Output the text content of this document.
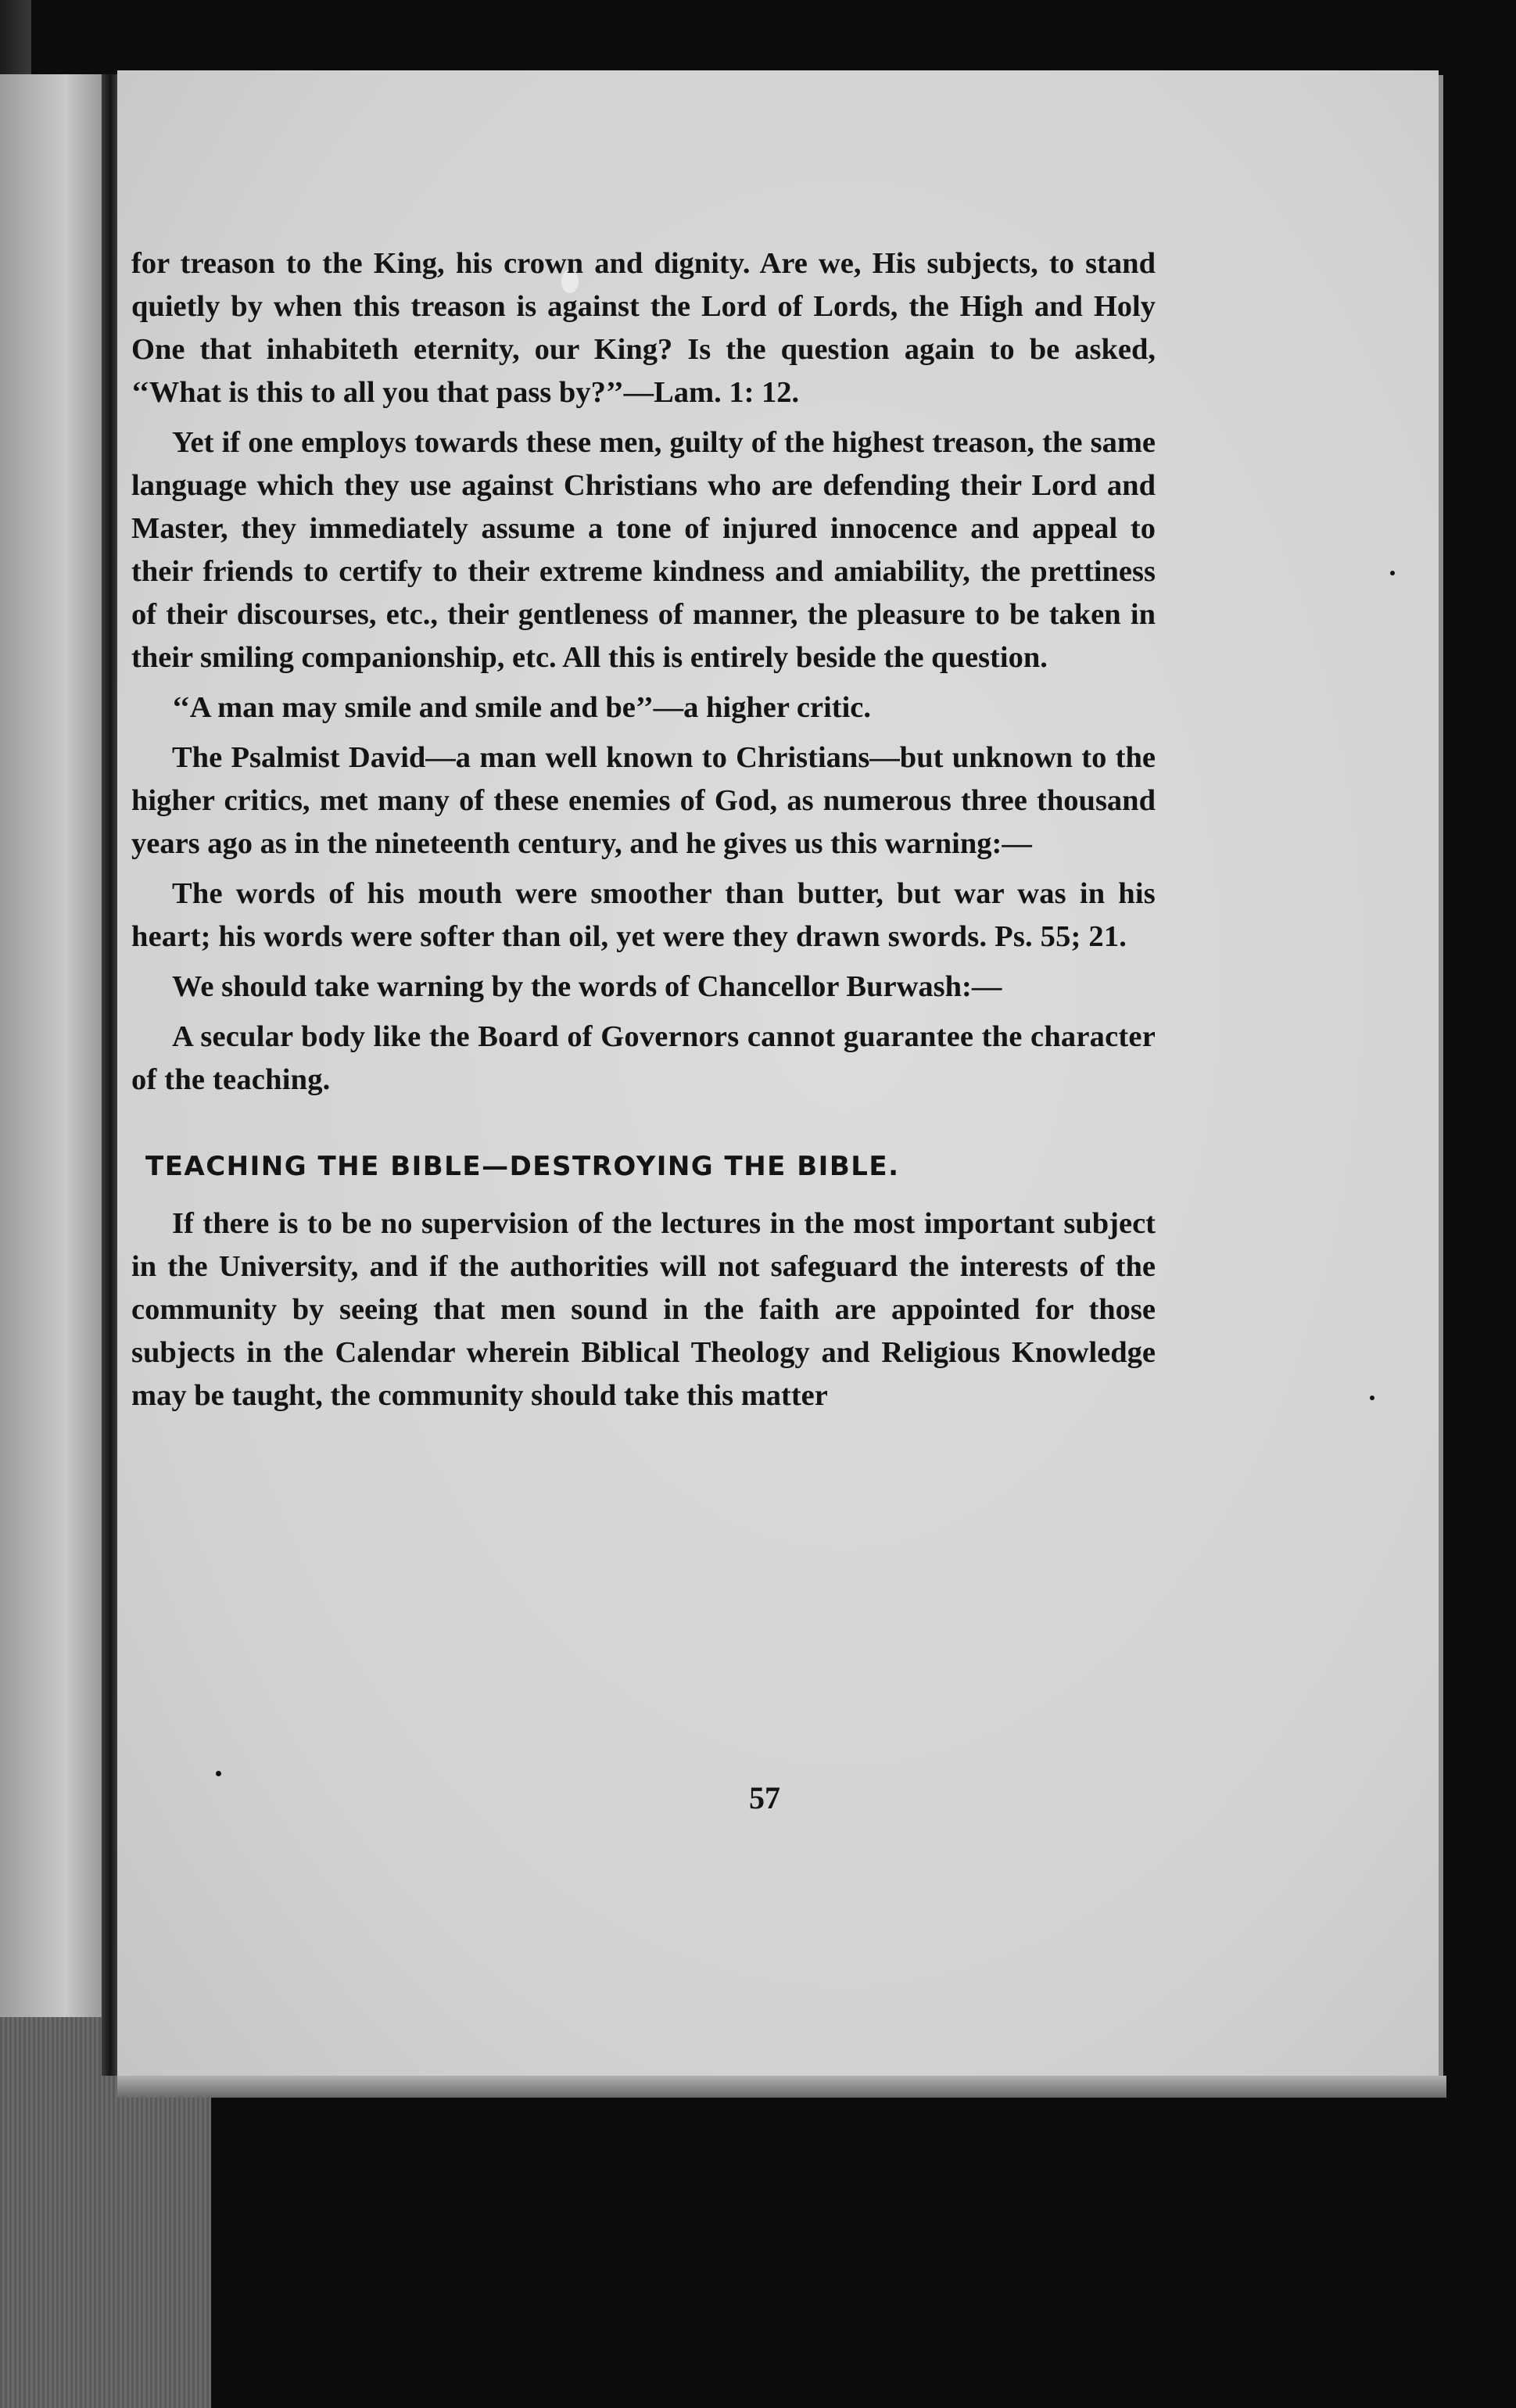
for treason to the King, his crown and dignity. Are we, His subjects, to stand quietly by when this treason is against the Lord of Lords, the High and Holy One that inhabiteth eternity, our King? Is the question again to be asked, ‘‘What is this to all you that pass by?’’—Lam. 1: 12.

Yet if one employs towards these men, guilty of the highest treason, the same language which they use against Christians who are defending their Lord and Master, they immediately assume a tone of injured innocence and appeal to their friends to certify to their extreme kindness and amiability, the prettiness of their discourses, etc., their gentleness of manner, the pleasure to be taken in their smiling companionship, etc. All this is entirely beside the question.

‘‘A man may smile and smile and be’’—a higher critic.

The Psalmist David—a man well known to Christians—but unknown to the higher critics, met many of these enemies of God, as numerous three thousand years ago as in the nineteenth century, and he gives us this warning:—

The words of his mouth were smoother than butter, but war was in his heart; his words were softer than oil, yet were they drawn swords. Ps. 55; 21.

We should take warning by the words of Chancellor Burwash:—

A secular body like the Board of Governors cannot guarantee the character of the teaching.

TEACHING THE BIBLE—DESTROYING THE BIBLE.

If there is to be no supervision of the lectures in the most important subject in the University, and if the authorities will not safeguard the interests of the community by seeing that men sound in the faith are appointed for those subjects in the Calendar wherein Biblical Theology and Religious Knowledge may be taught, the community should take this matter

57
